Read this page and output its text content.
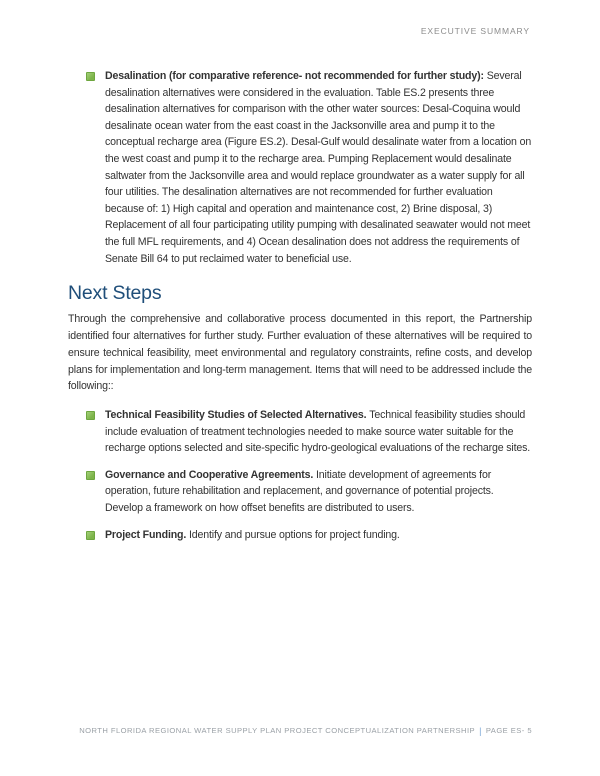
EXECUTIVE SUMMARY
Desalination (for comparative reference- not recommended for further study): Several desalination alternatives were considered in the evaluation. Table ES.2 presents three desalination alternatives for comparison with the other water sources: Desal-Coquina would desalinate ocean water from the east coast in the Jacksonville area and pump it to the conceptual recharge area (Figure ES.2). Desal-Gulf would desalinate water from a location on the west coast and pump it to the recharge area. Pumping Replacement would desalinate saltwater from the Jacksonville area and would replace groundwater as a water supply for all four utilities. The desalination alternatives are not recommended for further evaluation because of: 1) High capital and operation and maintenance cost, 2) Brine disposal, 3) Replacement of all four participating utility pumping with desalinated seawater would not meet the full MFL requirements, and 4) Ocean desalination does not address the requirements of Senate Bill 64 to put reclaimed water to beneficial use.
Next Steps

Through the comprehensive and collaborative process documented in this report, the Partnership identified four alternatives for further study. Further evaluation of these alternatives will be required to ensure technical feasibility, meet environmental and regulatory constraints, refine costs, and develop plans for implementation and long-term management. Items that will need to be addressed include the following::

Technical Feasibility Studies of Selected Alternatives. Technical feasibility studies should include evaluation of treatment technologies needed to make source water suitable for the recharge options selected and site-specific hydro-geological evaluations of the recharge sites.
Governance and Cooperative Agreements. Initiate development of agreements for operation, future rehabilitation and replacement, and governance of potential projects. Develop a framework on how offset benefits are distributed to users.
Project Funding. Identify and pursue options for project funding.
NORTH FLORIDA REGIONAL WATER SUPPLY PLAN PROJECT CONCEPTUALIZATION PARTNERSHIP | PAGE ES- 5
